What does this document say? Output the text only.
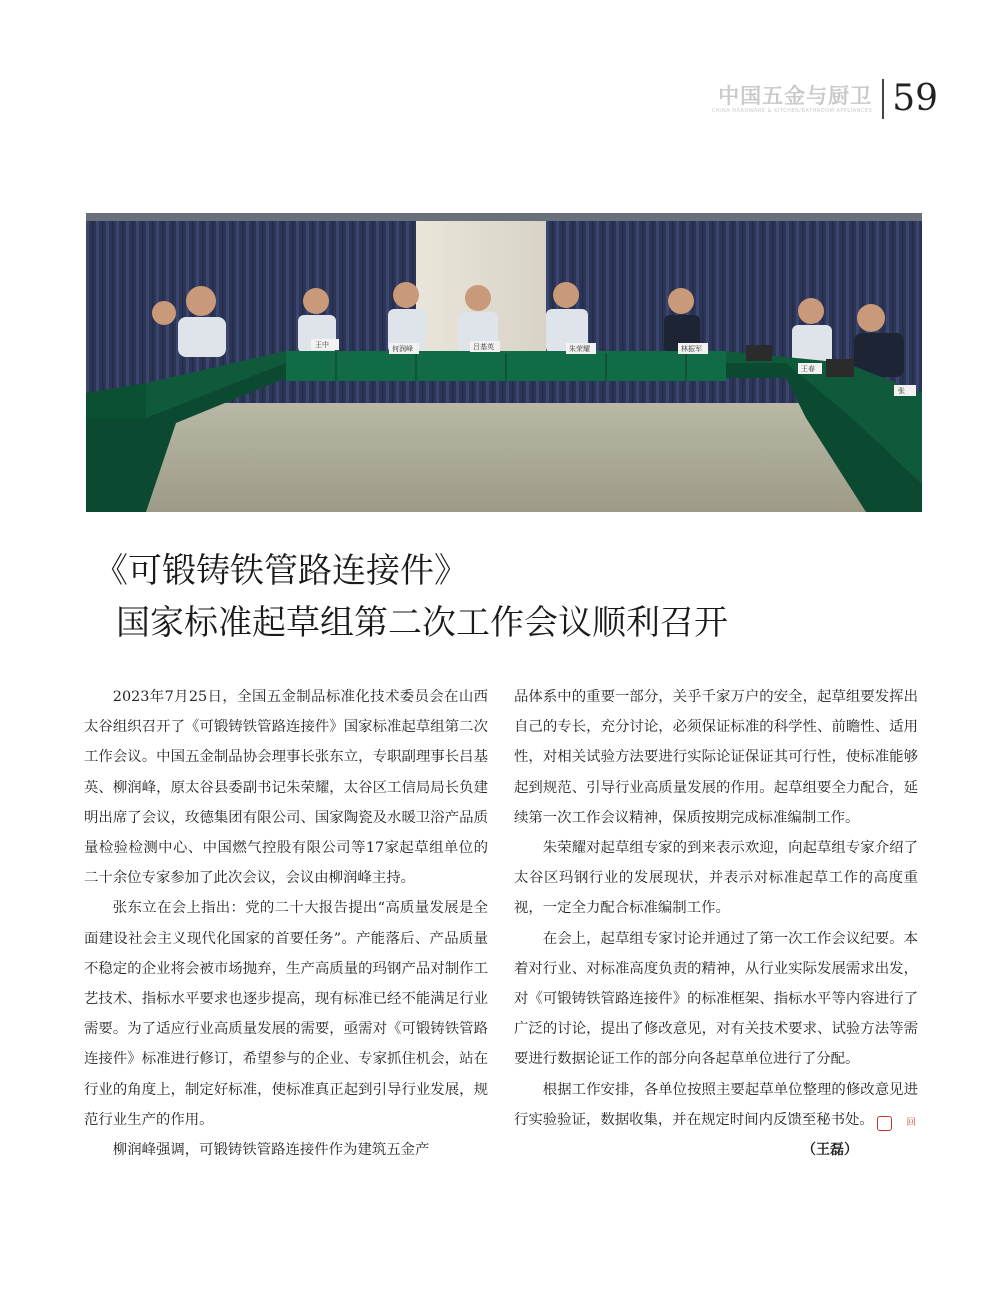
中国五金与厨卫
CHINA HARDWARE & KITCHEN/BATHROOM APPLIANCES 59
王中	何润峰	吕基英	朱荣耀	林振军
王春
张
《可锻铸铁管路连接件》
国家标准起草组第二次工作会议顺利召开

2023年7月25日，全国五金制品标准化技术委员会在山西太谷组织召开了《可锻铸铁管路连接件》国家标准起草组第二次工作会议。中国五金制品协会理事长张东立，专职副理事长吕基英、柳润峰，原太谷县委副书记朱荣耀，太谷区工信局局长负建明出席了会议，玫德集团有限公司、国家陶瓷及水暖卫浴产品质量检验检测中心、中国燃气控股有限公司等17家起草组单位的二十余位专家参加了此次会议，会议由柳润峰主持。

张东立在会上指出：党的二十大报告提出“高质量发展是全面建设社会主义现代化国家的首要任务”。产能落后、产品质量不稳定的企业将会被市场抛弃，生产高质量的玛钢产品对制作工艺技术、指标水平要求也逐步提高，现有标准已经不能满足行业需要。为了适应行业高质量发展的需要，亟需对《可锻铸铁管路连接件》标准进行修订，希望参与的企业、专家抓住机会，站在行业的角度上，制定好标准，使标准真正起到引导行业发展，规范行业生产的作用。

柳润峰强调，可锻铸铁管路连接件作为建筑五金产

品体系中的重要一部分，关乎千家万户的安全，起草组要发挥出自己的专长，充分讨论，必须保证标准的科学性、前瞻性、适用性，对相关试验方法要进行实际论证保证其可行性，使标准能够起到规范、引导行业高质量发展的作用。起草组要全力配合，延续第一次工作会议精神，保质按期完成标准编制工作。

朱荣耀对起草组专家的到来表示欢迎，向起草组专家介绍了太谷区玛钢行业的发展现状，并表示对标准起草工作的高度重视，一定全力配合标准编制工作。

在会上，起草组专家讨论并通过了第一次工作会议纪要。本着对行业、对标准高度负责的精神，从行业实际发展需求出发，对《可锻铸铁管路连接件》的标准框架、指标水平等内容进行了广泛的讨论，提出了修改意见，对有关技术要求、试验方法等需要进行数据论证工作的部分向各起草单位进行了分配。

根据工作安排，各单位按照主要起草单位整理的修改意见进行实验验证，数据收集，并在规定时间内反馈至秘书处。	回

（王磊）
